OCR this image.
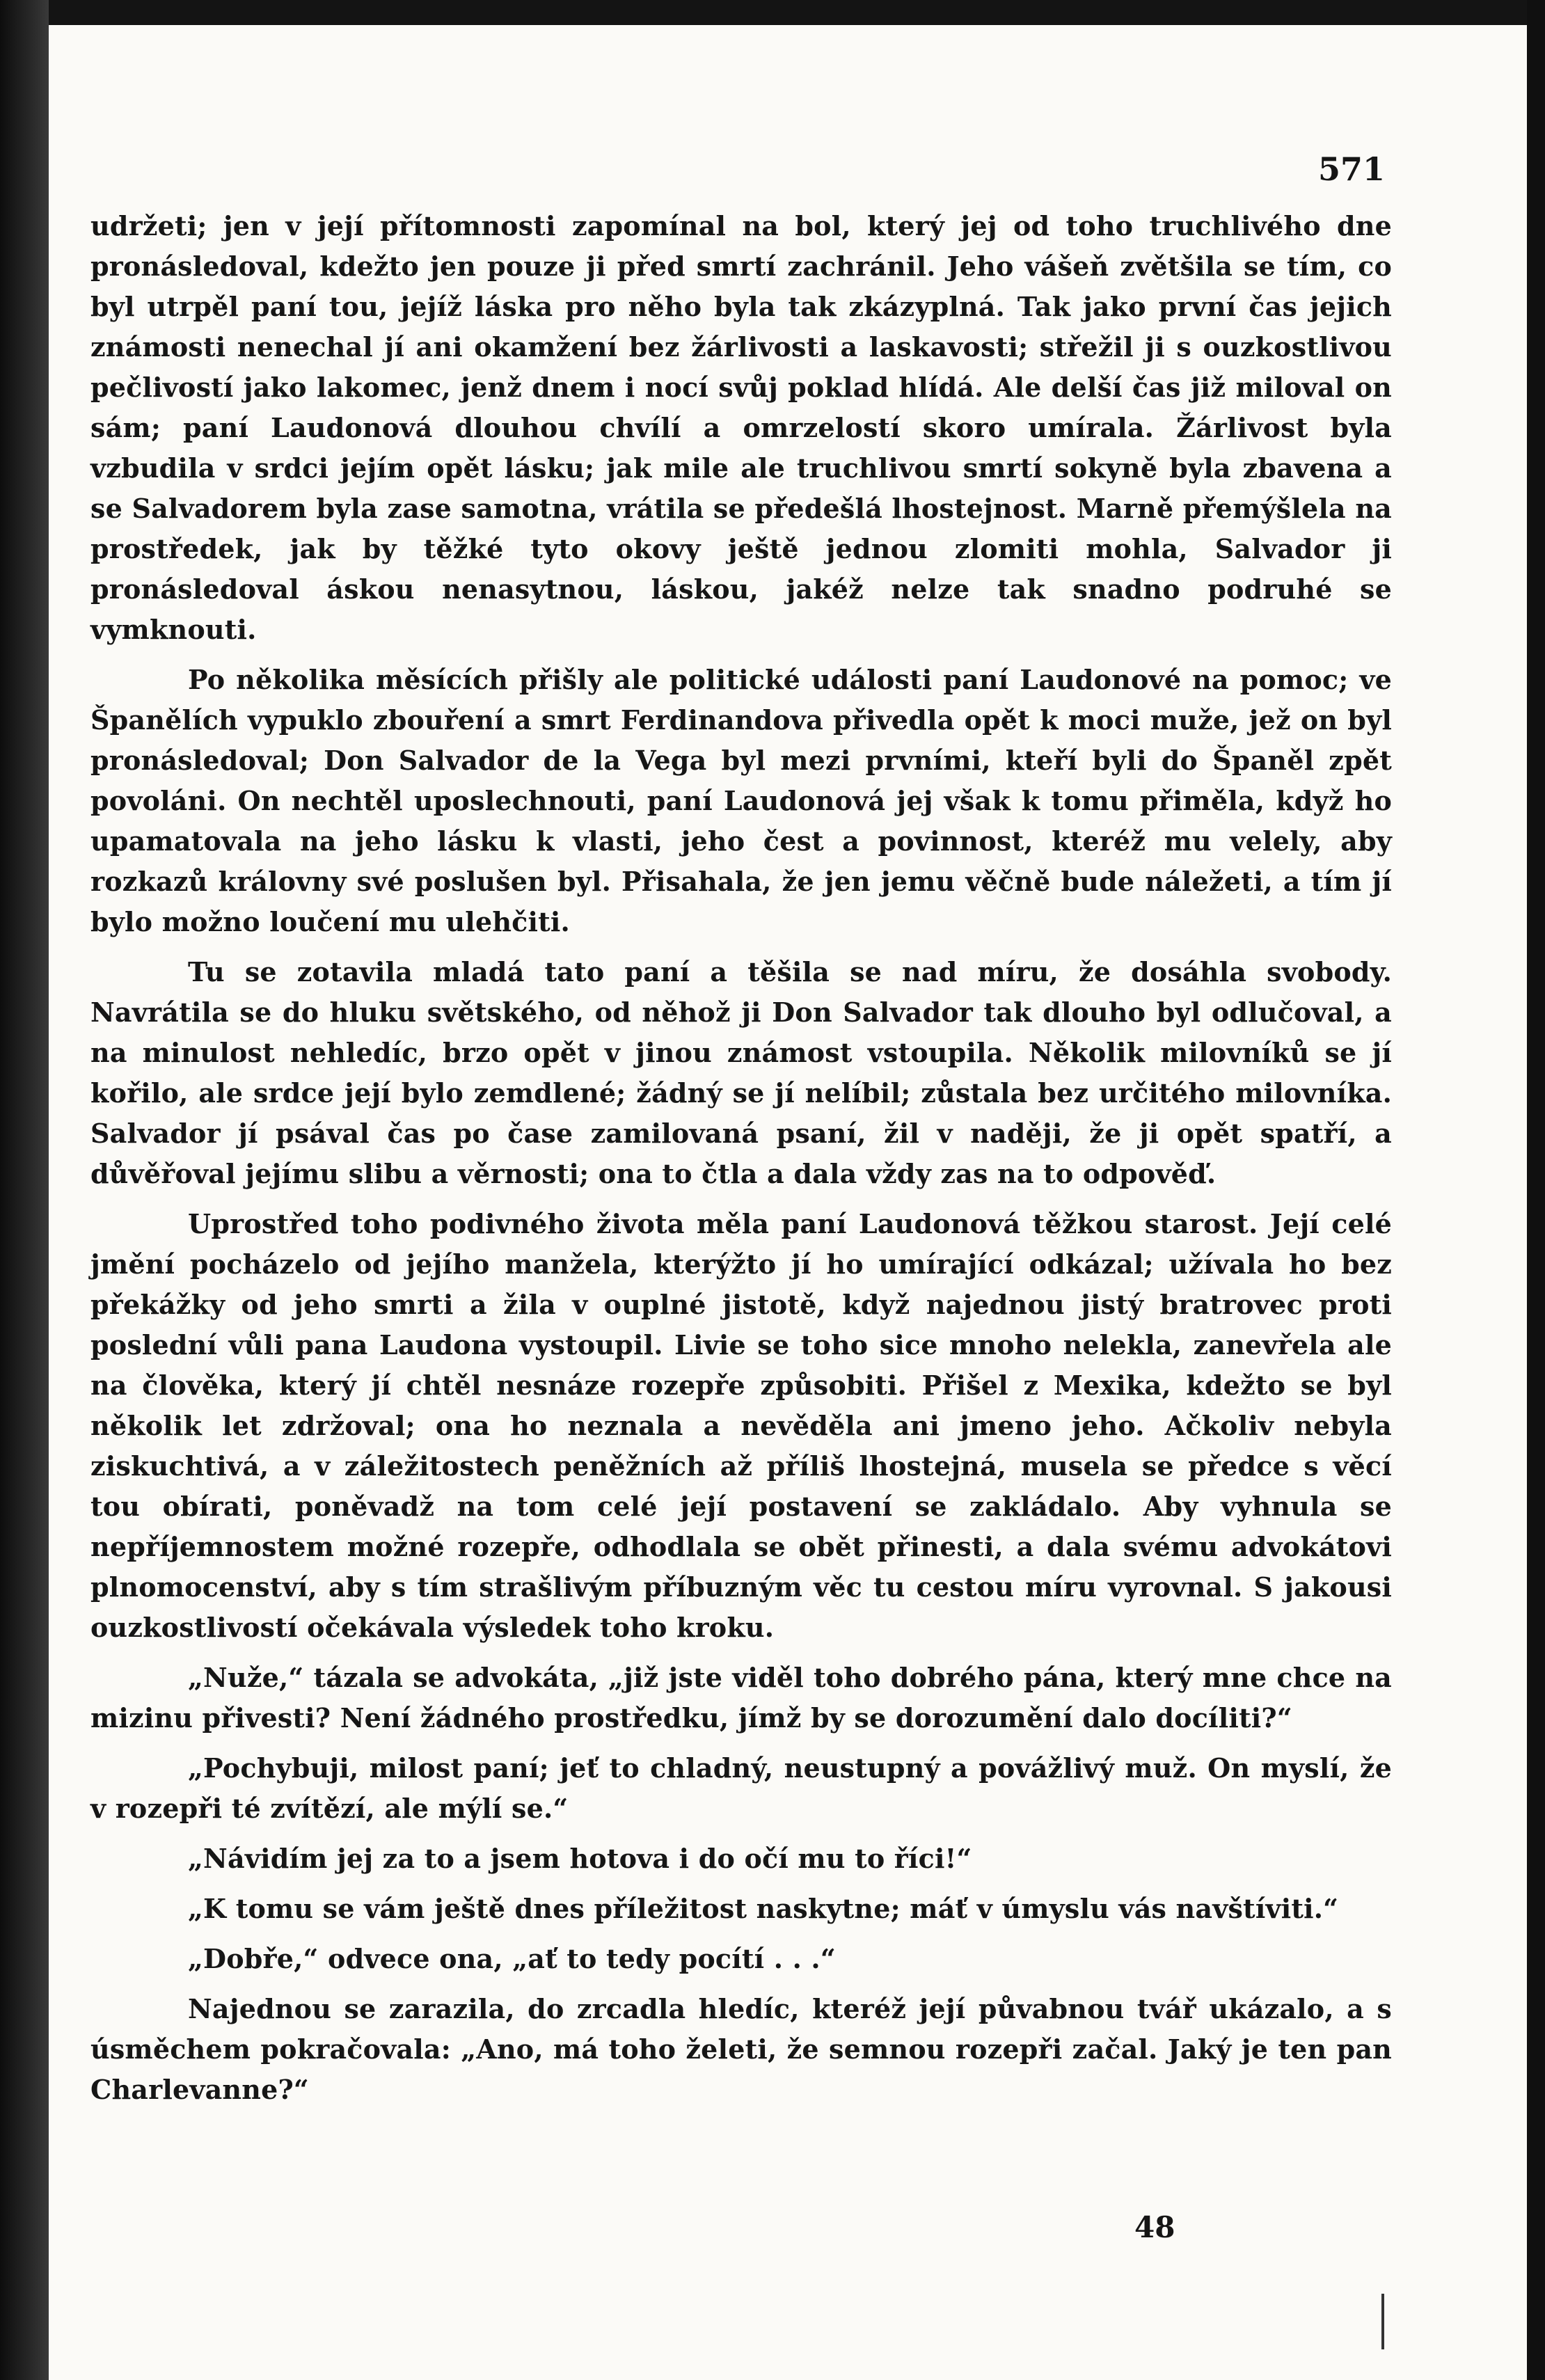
571

udržeti; jen v její přítomnosti zapomínal na bol, který jej od toho truchlivého dne pronásledoval, kdežto jen pouze ji před smrtí zachránil. Jeho vášeň zvětšila se tím, co byl utrpěl paní tou, jejíž láska pro něho byla tak zkázyplná. Tak jako první čas jejich známosti nenechal jí ani okamžení bez žárlivosti a laskavosti; střežil ji s ouzkostlivou pečlivostí jako lakomec, jenž dnem i nocí svůj poklad hlídá. Ale delší čas již miloval on sám; paní Laudonová dlouhou chvílí a omrzelostí skoro umírala. Žárlivost byla vzbudila v srdci jejím opět lásku; jak mile ale truchlivou smrtí sokyně byla zbavena a se Salvadorem byla zase samotna, vrátila se předešlá lhostejnost. Marně přemýšlela na prostředek, jak by těžké tyto okovy ještě jednou zlomiti mohla, Salvador ji pronásledoval áskou nenasytnou, láskou, jakéž nelze tak snadno podruhé se vymknouti.

Po několika měsících přišly ale politické události paní Laudonové na pomoc; ve Španělích vypuklo zbouření a smrt Ferdinandova přivedla opět k moci muže, jež on byl pronásledoval; Don Salvador de la Vega byl mezi prvními, kteří byli do Španěl zpět povoláni. On nechtěl uposlechnouti, paní Laudonová jej však k tomu přiměla, když ho upamatovala na jeho lásku k vlasti, jeho čest a povinnost, kteréž mu velely, aby rozkazů královny své poslušen byl. Přisahala, že jen jemu věčně bude náležeti, a tím jí bylo možno loučení mu ulehčiti.

Tu se zotavila mladá tato paní a těšila se nad míru, že dosáhla svobody. Navrátila se do hluku světského, od něhož ji Don Salvador tak dlouho byl odlučoval, a na minulost nehledíc, brzo opět v jinou známost vstoupila. Několik milovníků se jí kořilo, ale srdce její bylo zemdlené; žádný se jí nelíbil; zůstala bez určitého milovníka. Salvador jí psával čas po čase zamilovaná psaní, žil v naději, že ji opět spatří, a důvěřoval jejímu slibu a věrnosti; ona to čtla a dala vždy zas na to odpověď.

Uprostřed toho podivného života měla paní Laudonová těžkou starost. Její celé jmění pocházelo od jejího manžela, kterýžto jí ho umírající odkázal; užívala ho bez překážky od jeho smrti a žila v ouplné jistotě, když najednou jistý bratrovec proti poslední vůli pana Laudona vystoupil. Livie se toho sice mnoho nelekla, zanevřela ale na člověka, který jí chtěl nesnáze rozepře způsobiti. Přišel z Mexika, kdežto se byl několik let zdržoval; ona ho neznala a nevěděla ani jmeno jeho. Ačkoliv nebyla ziskuchtivá, a v záležitostech peněžních až příliš lhostejná, musela se předce s věcí tou obírati, poněvadž na tom celé její postavení se zakládalo. Aby vyhnula se nepříjemnostem možné rozepře, odhodlala se obět přinesti, a dala svému advokátovi plnomocenství, aby s tím strašlivým příbuzným věc tu cestou míru vyrovnal. S jakousi ouzkostlivostí očekávala výsledek toho kroku.

„Nuže,“ tázala se advokáta, „již jste viděl toho dobrého pána, který mne chce na mizinu přivesti? Není žádného prostředku, jímž by se dorozumění dalo docíliti?“

„Pochybuji, milost paní; jeť to chladný, neustupný a povážlivý muž. On myslí, že v rozepři té zvítězí, ale mýlí se.“

„Návidím jej za to a jsem hotova i do očí mu to říci!“

„K tomu se vám ještě dnes příležitost naskytne; máť v úmyslu vás navštíviti.“

„Dobře,“ odvece ona, „ať to tedy pocítí . . .“

Najednou se zarazila, do zrcadla hledíc, kteréž její půvabnou tvář ukázalo, a s úsměchem pokračovala: „Ano, má toho želeti, že semnou rozepři začal. Jaký je ten pan Charlevanne?“

48
